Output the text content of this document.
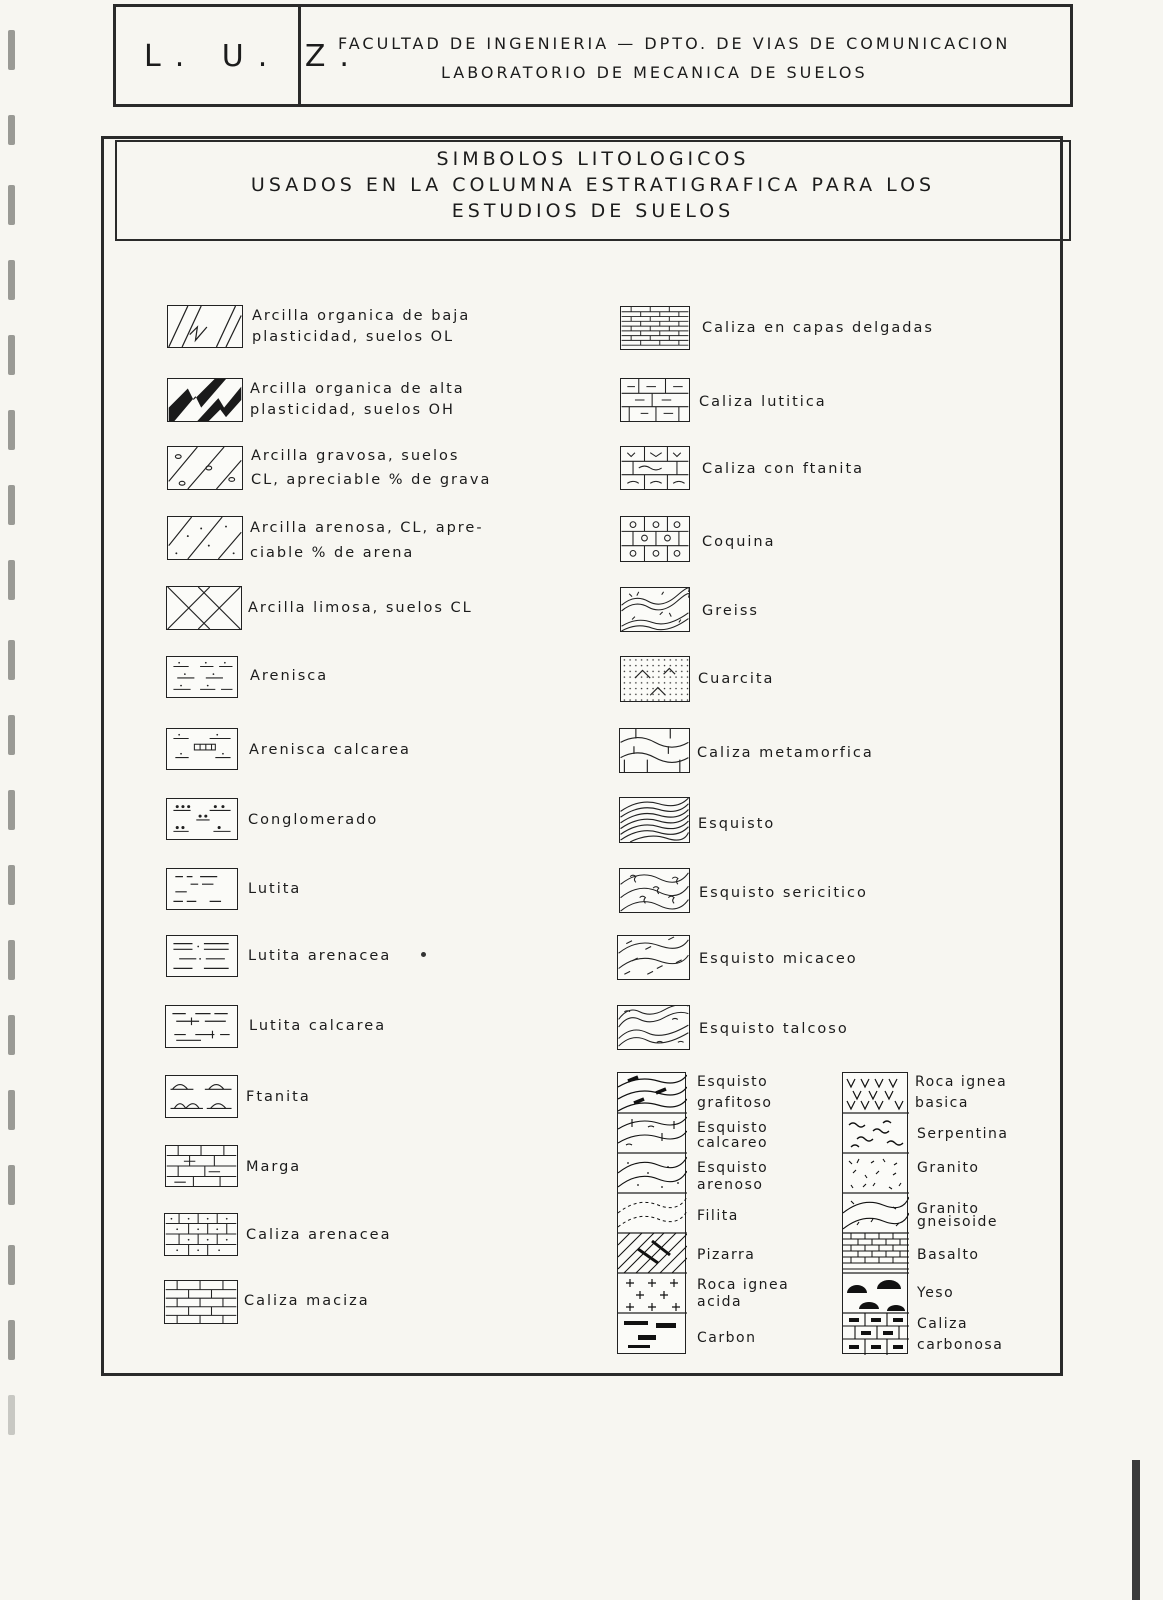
L. U. Z.
FACULTAD DE INGENIERIA — DPTO. DE VIAS DE COMUNICACION
LABORATORIO DE MECANICA DE SUELOS
SIMBOLOS LITOLOGICOS
USADOS EN LA COLUMNA ESTRATIGRAFICA PARA LOS
ESTUDIOS DE SUELOS
Arcilla organica de baja
plasticidad, suelos OL
Arcilla organica de alta
plasticidad, suelos OH
Arcilla gravosa, suelos
CL, apreciable % de grava
Arcilla arenosa, CL, apre-
ciable % de arena
Arcilla limosa, suelos CL
Arenisca
Arenisca calcarea
Conglomerado
Lutita
Lutita arenacea
Lutita calcarea
Ftanita
Marga
Caliza arenacea
Caliza maciza
Caliza en capas delgadas
Caliza lutitica
Caliza con ftanita
Coquina
Greiss
Cuarcita
Caliza metamorfica
Esquisto
Esquisto sericitico
Esquisto micaceo
Esquisto talcoso
Esquisto
grafitoso
Esquisto
calcareo
Esquisto
arenoso
Filita
Pizarra
Roca ignea
acida
Carbon
Roca ignea
basica
Serpentina
Granito
Granito
gneisoide
Basalto
Yeso
Caliza
carbonosa
